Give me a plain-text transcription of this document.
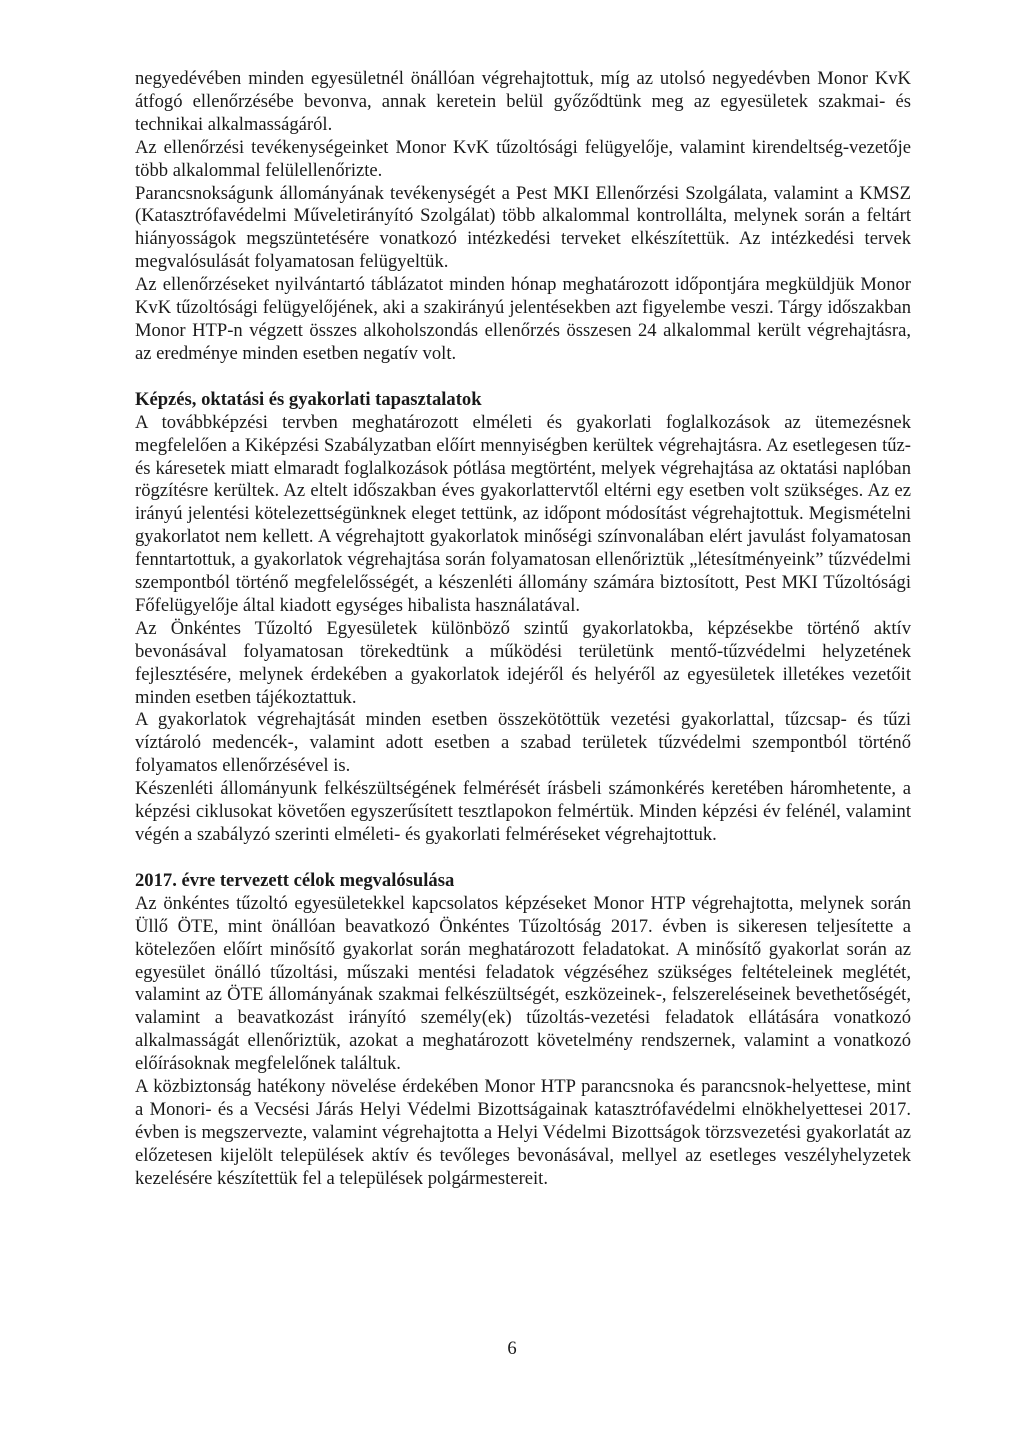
negyedévében minden egyesületnél önállóan végrehajtottuk, míg az utolsó negyedévben Monor KvK átfogó ellenőrzésébe bevonva, annak keretein belül győződtünk meg az egyesületek szakmai- és technikai alkalmasságáról.

Az ellenőrzési tevékenységeinket Monor KvK tűzoltósági felügyelője, valamint kirendeltség-vezetője több alkalommal felülellenőrizte.

Parancsnokságunk állományának tevékenységét a Pest MKI Ellenőrzési Szolgálata, valamint a KMSZ (Katasztrófavédelmi Műveletirányító Szolgálat) több alkalommal kontrollálta, melynek során a feltárt hiányosságok megszüntetésére vonatkozó intézkedési terveket elkészítettük. Az intézkedési tervek megvalósulását folyamatosan felügyeltük.

Az ellenőrzéseket nyilvántartó táblázatot minden hónap meghatározott időpontjára megküldjük Monor KvK tűzoltósági felügyelőjének, aki a szakirányú jelentésekben azt figyelembe veszi. Tárgy időszakban Monor HTP-n végzett összes alkoholszondás ellenőrzés összesen 24 alkalommal került végrehajtásra, az eredménye minden esetben negatív volt.

Képzés, oktatási és gyakorlati tapasztalatok

A továbbképzési tervben meghatározott elméleti és gyakorlati foglalkozások az ütemezésnek megfelelően a Kiképzési Szabályzatban előírt mennyiségben kerültek végrehajtásra. Az esetlegesen tűz- és káresetek miatt elmaradt foglalkozások pótlása megtörtént, melyek végrehajtása az oktatási naplóban rögzítésre kerültek. Az eltelt időszakban éves gyakorlattervtől eltérni egy esetben volt szükséges. Az ez irányú jelentési kötelezettségünknek eleget tettünk, az időpont módosítást végrehajtottuk. Megismételni gyakorlatot nem kellett. A végrehajtott gyakorlatok minőségi színvonalában elért javulást folyamatosan fenntartottuk, a gyakorlatok végrehajtása során folyamatosan ellenőriztük „létesítményeink” tűzvédelmi szempontból történő megfelelősségét, a készenléti állomány számára biztosított, Pest MKI Tűzoltósági Főfelügyelője által kiadott egységes hibalista használatával.

Az Önkéntes Tűzoltó Egyesületek különböző szintű gyakorlatokba, képzésekbe történő aktív bevonásával folyamatosan törekedtünk a működési területünk mentő-tűzvédelmi helyzetének fejlesztésére, melynek érdekében a gyakorlatok idejéről és helyéről az egyesületek illetékes vezetőit minden esetben tájékoztattuk.

A gyakorlatok végrehajtását minden esetben összekötöttük vezetési gyakorlattal, tűzcsap- és tűzi víztároló medencék-, valamint adott esetben a szabad területek tűzvédelmi szempontból történő folyamatos ellenőrzésével is.

Készenléti állományunk felkészültségének felmérését írásbeli számonkérés keretében háromhetente, a képzési ciklusokat követően egyszerűsített tesztlapokon felmértük. Minden képzési év felénél, valamint végén a szabályzó szerinti elméleti- és gyakorlati felméréseket végrehajtottuk.

2017. évre tervezett célok megvalósulása

Az önkéntes tűzoltó egyesületekkel kapcsolatos képzéseket Monor HTP végrehajtotta, melynek során Üllő ÖTE, mint önállóan beavatkozó Önkéntes Tűzoltóság 2017. évben is sikeresen teljesítette a kötelezően előírt minősítő gyakorlat során meghatározott feladatokat. A minősítő gyakorlat során az egyesület önálló tűzoltási, műszaki mentési feladatok végzéséhez szükséges feltételeinek meglétét, valamint az ÖTE állományának szakmai felkészültségét, eszközeinek-, felszereléseinek bevethetőségét, valamint a beavatkozást irányító személy(ek) tűzoltás-vezetési feladatok ellátására vonatkozó alkalmasságát ellenőriztük, azokat a meghatározott követelmény rendszernek, valamint a vonatkozó előírásoknak megfelelőnek találtuk.

A közbiztonság hatékony növelése érdekében Monor HTP parancsnoka és parancsnok-helyettese, mint a Monori- és a Vecsési Járás Helyi Védelmi Bizottságainak katasztrófavédelmi elnökhelyettesei 2017. évben is megszervezte, valamint végrehajtotta a Helyi Védelmi Bizottságok törzsvezetési gyakorlatát az előzetesen kijelölt települések aktív és tevőleges bevonásával, mellyel az esetleges veszélyhelyzetek kezelésére készítettük fel a települések polgármestereit.

6
